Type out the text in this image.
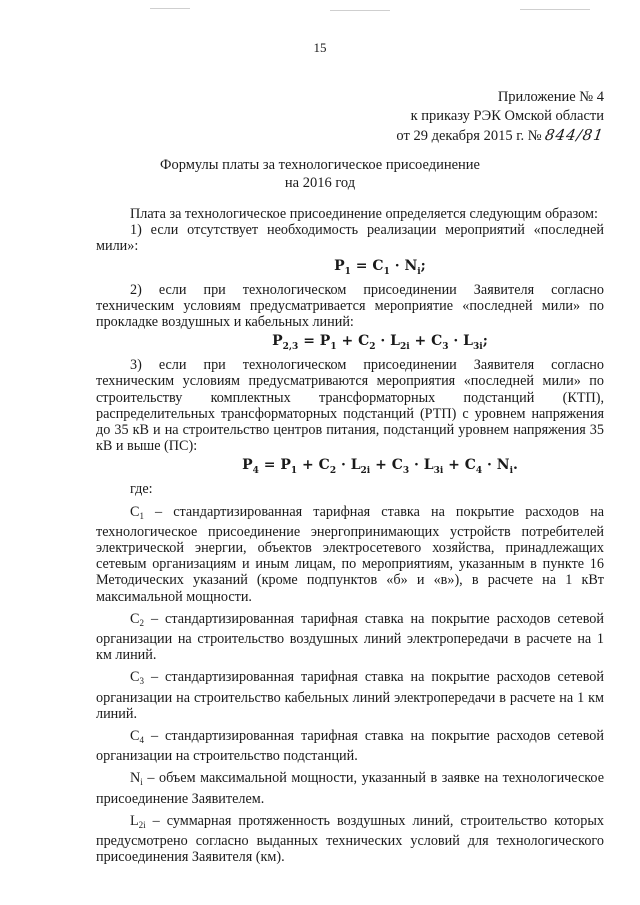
15
Приложение № 4
к приказу РЭК Омской области
от 29 декабря 2015 г. № 844/81
Формулы платы за технологическое присоединение
на 2016 год

Плата за технологическое присоединение определяется следующим образом:

1) если отсутствует необходимость реализации мероприятий «последней мили»:

$P_1 = C_1 \cdot N_i$;

2) если при технологическом присоединении Заявителя согласно техническим условиям предусматривается мероприятие «последней мили» по прокладке воздушных и кабельных линий:

$P_{2,3} = P_1 + C_2 \cdot L_{2i} + C_3 \cdot L_{3i}$;

3) если при технологическом присоединении Заявителя согласно техническим условиям предусматриваются мероприятия «последней мили» по строительству комплектных трансформаторных подстанций (КТП), распределительных трансформаторных подстанций (РТП) с уровнем напряжения до 35 кВ и на строительство центров питания, подстанций уровнем напряжения 35 кВ и выше (ПС):

$P_4 = P_1 + C_2 \cdot L_{2i} + C_3 \cdot L_{3i} + C_4 \cdot N_i$.

где:

$C_1$ – стандартизированная тарифная ставка на покрытие расходов на технологическое присоединение энергопринимающих устройств потребителей электрической энергии, объектов электросетевого хозяйства, принадлежащих сетевым организациям и иным лицам, по мероприятиям, указанным в пункте 16 Методических указаний (кроме подпунктов «б» и «в»), в расчете на 1 кВт максимальной мощности.

$C_2$ – стандартизированная тарифная ставка на покрытие расходов сетевой организации на строительство воздушных линий электропередачи в расчете на 1 км линий.

$C_3$ – стандартизированная тарифная ставка на покрытие расходов сетевой организации на строительство кабельных линий электропередачи в расчете на 1 км линий.

$C_4$ – стандартизированная тарифная ставка на покрытие расходов сетевой организации на строительство подстанций.

$N_i$ – объем максимальной мощности, указанный в заявке на технологическое присоединение Заявителем.

$L_{2i}$ – суммарная протяженность воздушных линий, строительство которых предусмотрено согласно выданных технических условий для технологического присоединения Заявителя (км).
